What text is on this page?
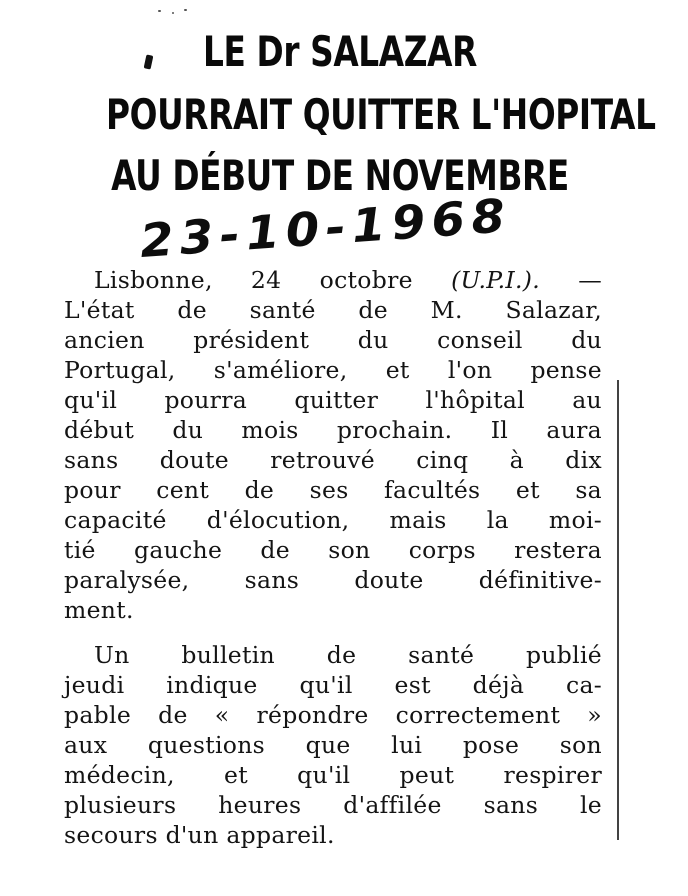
LE Dr SALAZAR
POURRAIT QUITTER L'HOPITAL
AU DÉBUT DE NOVEMBRE
23-10-1968
Lisbonne, 24 octobre (U.P.I.). —
L'état de santé de M. Salazar,
ancien président du conseil du
Portugal, s'améliore, et l'on pense
qu'il pourra quitter l'hôpital au
début du mois prochain. Il aura
sans doute retrouvé cinq à dix
pour cent de ses facultés et sa
capacité d'élocution, mais la moi-
tié gauche de son corps restera
paralysée, sans doute définitive-
ment.
Un bulletin de santé publié
jeudi indique qu'il est déjà ca-
pable de « répondre correctement »
aux questions que lui pose son
médecin, et qu'il peut respirer
plusieurs heures d'affilée sans le
secours d'un appareil.
